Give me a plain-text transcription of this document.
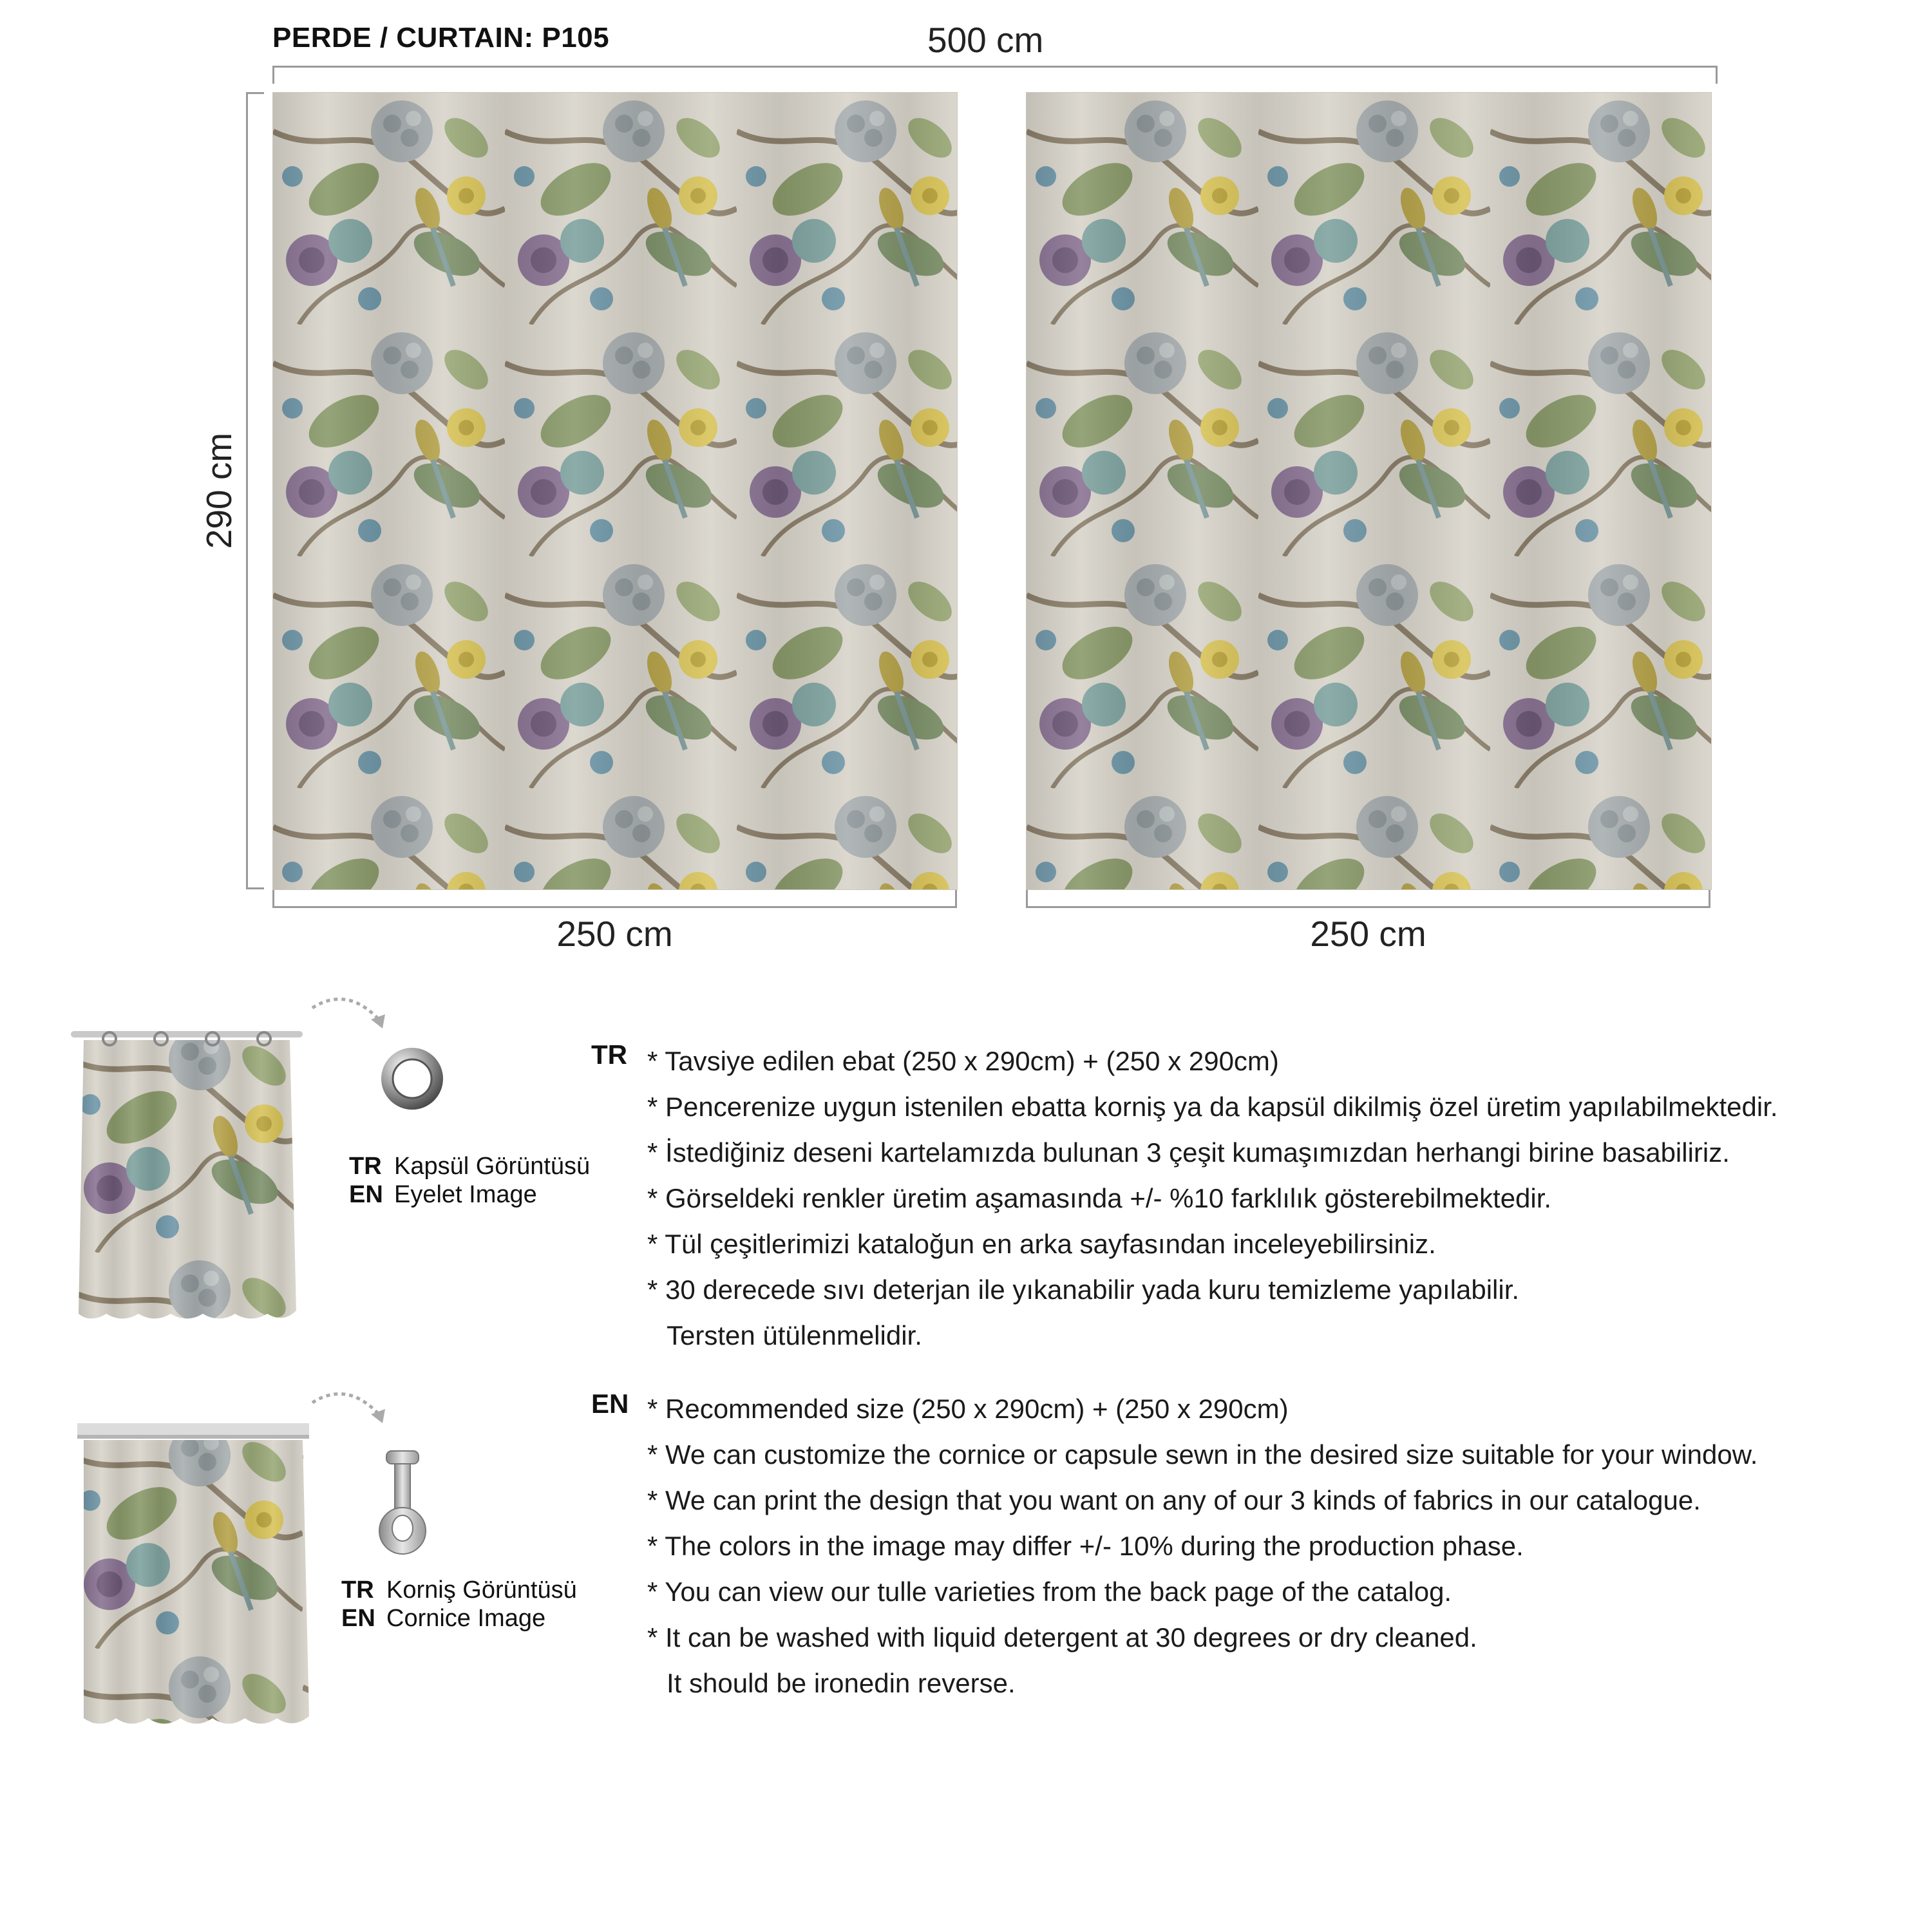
PERDE / CURTAIN: P105	500 cm
290 cm
250 cm	250 cm
TR Kapsül Görüntüsü
EN Eyelet Image
TR Korniş Görüntüsü
EN Cornice Image
TR * Tavsiye edilen ebat (250 x 290cm) + (250 x 290cm)
* Pencerenize uygun istenilen ebatta korniş ya da kapsül dikilmiş özel üretim yapılabilmektedir.
* İstediğiniz deseni kartelamızda bulunan 3 çeşit kumaşımızdan herhangi birine basabiliriz.
* Görseldeki renkler üretim aşamasında +/- %10 farklılık gösterebilmektedir.
* Tül çeşitlerimizi kataloğun en arka sayfasından inceleyebilirsiniz.
* 30 derecede sıvı deterjan ile yıkanabilir yada kuru temizleme yapılabilir.
Tersten ütülenmelidir.
EN * Recommended size (250 x 290cm) + (250 x 290cm)
* We can customize the cornice or capsule sewn in the desired size suitable for your window.
* We can print the design that you want on any of our 3 kinds of fabrics in our catalogue.
* The colors in the image may differ +/- 10% during the production phase.
* You can view our tulle varieties from the back page of the catalog.
* It can be washed with liquid detergent at 30 degrees or dry cleaned.
It should be ironedin reverse.
